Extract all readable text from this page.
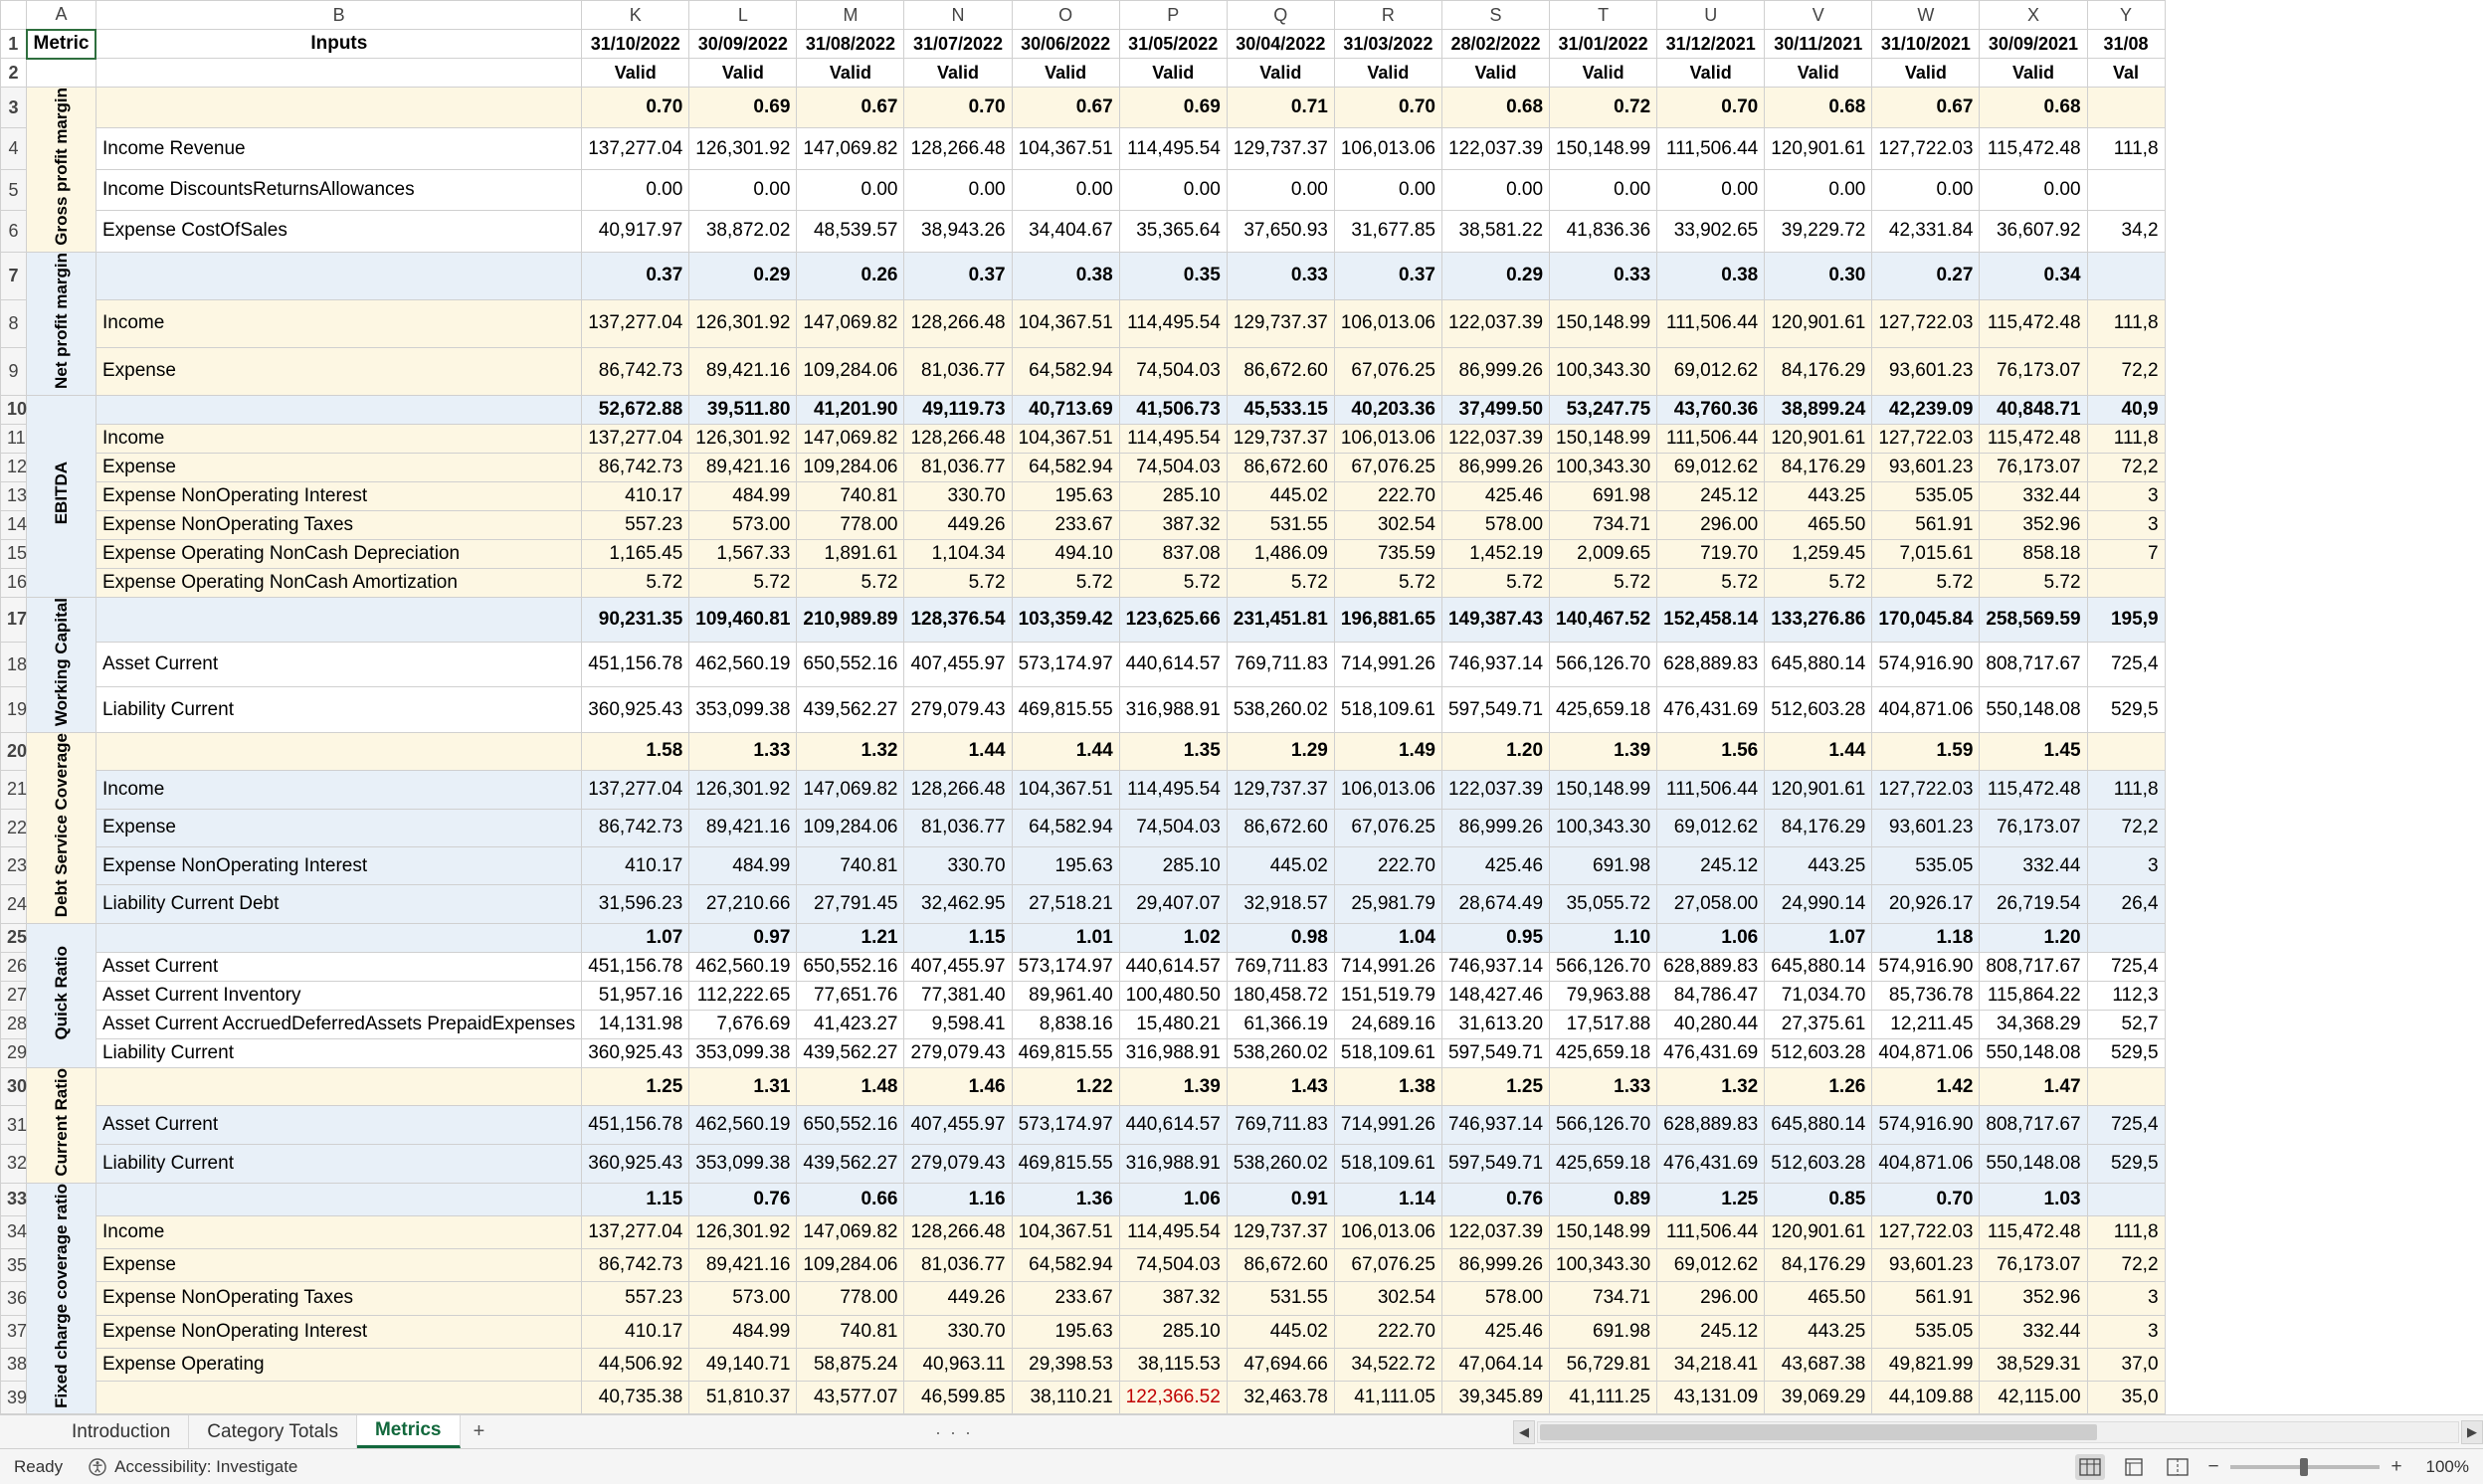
	A	B	K	L	M	N	O	P	Q	R	S	T	U	V	W	X	Y
1	Metric	Inputs	31/10/2022	30/09/2022	31/08/2022	31/07/2022	30/06/2022	31/05/2022	30/04/2022	31/03/2022	28/02/2022	31/01/2022	31/12/2021	30/11/2021	31/10/2021	30/09/2021	31/08
2			Valid	Valid	Valid	Valid	Valid	Valid	Valid	Valid	Valid	Valid	Valid	Valid	Valid	Valid	Val
3	Gross profit margin		0.70	0.69	0.67	0.70	0.67	0.69	0.71	0.70	0.68	0.72	0.70	0.68	0.67	0.68	
4		Income Revenue	137,277.04	126,301.92	147,069.82	128,266.48	104,367.51	114,495.54	129,737.37	106,013.06	122,037.39	150,148.99	111,506.44	120,901.61	127,722.03	115,472.48	111,8
5		Income DiscountsReturnsAllowances	0.00	0.00	0.00	0.00	0.00	0.00	0.00	0.00	0.00	0.00	0.00	0.00	0.00	0.00	
6		Expense CostOfSales	40,917.97	38,872.02	48,539.57	38,943.26	34,404.67	35,365.64	37,650.93	31,677.85	38,581.22	41,836.36	33,902.65	39,229.72	42,331.84	36,607.92	34,2
7	Net profit margin		0.37	0.29	0.26	0.37	0.38	0.35	0.33	0.37	0.29	0.33	0.38	0.30	0.27	0.34	
8		Income	137,277.04	126,301.92	147,069.82	128,266.48	104,367.51	114,495.54	129,737.37	106,013.06	122,037.39	150,148.99	111,506.44	120,901.61	127,722.03	115,472.48	111,8
9		Expense	86,742.73	89,421.16	109,284.06	81,036.77	64,582.94	74,504.03	86,672.60	67,076.25	86,999.26	100,343.30	69,012.62	84,176.29	93,601.23	76,173.07	72,2
10	EBITDA		52,672.88	39,511.80	41,201.90	49,119.73	40,713.69	41,506.73	45,533.15	40,203.36	37,499.50	53,247.75	43,760.36	38,899.24	42,239.09	40,848.71	40,9
11		Income	137,277.04	126,301.92	147,069.82	128,266.48	104,367.51	114,495.54	129,737.37	106,013.06	122,037.39	150,148.99	111,506.44	120,901.61	127,722.03	115,472.48	111,8
12		Expense	86,742.73	89,421.16	109,284.06	81,036.77	64,582.94	74,504.03	86,672.60	67,076.25	86,999.26	100,343.30	69,012.62	84,176.29	93,601.23	76,173.07	72,2
13		Expense NonOperating Interest	410.17	484.99	740.81	330.70	195.63	285.10	445.02	222.70	425.46	691.98	245.12	443.25	535.05	332.44	3
14		Expense NonOperating Taxes	557.23	573.00	778.00	449.26	233.67	387.32	531.55	302.54	578.00	734.71	296.00	465.50	561.91	352.96	3
15		Expense Operating NonCash Depreciation	1,165.45	1,567.33	1,891.61	1,104.34	494.10	837.08	1,486.09	735.59	1,452.19	2,009.65	719.70	1,259.45	7,015.61	858.18	7
16		Expense Operating NonCash Amortization	5.72	5.72	5.72	5.72	5.72	5.72	5.72	5.72	5.72	5.72	5.72	5.72	5.72	5.72	
17	Working Capital		90,231.35	109,460.81	210,989.89	128,376.54	103,359.42	123,625.66	231,451.81	196,881.65	149,387.43	140,467.52	152,458.14	133,276.86	170,045.84	258,569.59	195,9
18		Asset Current	451,156.78	462,560.19	650,552.16	407,455.97	573,174.97	440,614.57	769,711.83	714,991.26	746,937.14	566,126.70	628,889.83	645,880.14	574,916.90	808,717.67	725,4
19		Liability Current	360,925.43	353,099.38	439,562.27	279,079.43	469,815.55	316,988.91	538,260.02	518,109.61	597,549.71	425,659.18	476,431.69	512,603.28	404,871.06	550,148.08	529,5
20	Debt Service Coverage		1.58	1.33	1.32	1.44	1.44	1.35	1.29	1.49	1.20	1.39	1.56	1.44	1.59	1.45	
21		Income	137,277.04	126,301.92	147,069.82	128,266.48	104,367.51	114,495.54	129,737.37	106,013.06	122,037.39	150,148.99	111,506.44	120,901.61	127,722.03	115,472.48	111,8
22		Expense	86,742.73	89,421.16	109,284.06	81,036.77	64,582.94	74,504.03	86,672.60	67,076.25	86,999.26	100,343.30	69,012.62	84,176.29	93,601.23	76,173.07	72,2
23		Expense NonOperating Interest	410.17	484.99	740.81	330.70	195.63	285.10	445.02	222.70	425.46	691.98	245.12	443.25	535.05	332.44	3
24		Liability Current Debt	31,596.23	27,210.66	27,791.45	32,462.95	27,518.21	29,407.07	32,918.57	25,981.79	28,674.49	35,055.72	27,058.00	24,990.14	20,926.17	26,719.54	26,4
25	Quick Ratio		1.07	0.97	1.21	1.15	1.01	1.02	0.98	1.04	0.95	1.10	1.06	1.07	1.18	1.20	
26		Asset Current	451,156.78	462,560.19	650,552.16	407,455.97	573,174.97	440,614.57	769,711.83	714,991.26	746,937.14	566,126.70	628,889.83	645,880.14	574,916.90	808,717.67	725,4
27		Asset Current Inventory	51,957.16	112,222.65	77,651.76	77,381.40	89,961.40	100,480.50	180,458.72	151,519.79	148,427.46	79,963.88	84,786.47	71,034.70	85,736.78	115,864.22	112,3
28		Asset Current AccruedDeferredAssets PrepaidExpenses	14,131.98	7,676.69	41,423.27	9,598.41	8,838.16	15,480.21	61,366.19	24,689.16	31,613.20	17,517.88	40,280.44	27,375.61	12,211.45	34,368.29	52,7
29		Liability Current	360,925.43	353,099.38	439,562.27	279,079.43	469,815.55	316,988.91	538,260.02	518,109.61	597,549.71	425,659.18	476,431.69	512,603.28	404,871.06	550,148.08	529,5
30	Current Ratio		1.25	1.31	1.48	1.46	1.22	1.39	1.43	1.38	1.25	1.33	1.32	1.26	1.42	1.47	
31		Asset Current	451,156.78	462,560.19	650,552.16	407,455.97	573,174.97	440,614.57	769,711.83	714,991.26	746,937.14	566,126.70	628,889.83	645,880.14	574,916.90	808,717.67	725,4
32		Liability Current	360,925.43	353,099.38	439,562.27	279,079.43	469,815.55	316,988.91	538,260.02	518,109.61	597,549.71	425,659.18	476,431.69	512,603.28	404,871.06	550,148.08	529,5
33	Fixed charge coverage ratio		1.15	0.76	0.66	1.16	1.36	1.06	0.91	1.14	0.76	0.89	1.25	0.85	0.70	1.03	
34		Income	137,277.04	126,301.92	147,069.82	128,266.48	104,367.51	114,495.54	129,737.37	106,013.06	122,037.39	150,148.99	111,506.44	120,901.61	127,722.03	115,472.48	111,8
35		Expense	86,742.73	89,421.16	109,284.06	81,036.77	64,582.94	74,504.03	86,672.60	67,076.25	86,999.26	100,343.30	69,012.62	84,176.29	93,601.23	76,173.07	72,2
36		Expense NonOperating Taxes	557.23	573.00	778.00	449.26	233.67	387.32	531.55	302.54	578.00	734.71	296.00	465.50	561.91	352.96	3
37		Expense NonOperating Interest	410.17	484.99	740.81	330.70	195.63	285.10	445.02	222.70	425.46	691.98	245.12	443.25	535.05	332.44	3
38		Expense Operating	44,506.92	49,140.71	58,875.24	40,963.11	29,398.53	38,115.53	47,694.66	34,522.72	47,064.14	56,729.81	34,218.41	43,687.38	49,821.99	38,529.31	37,0
39			40,735.38	51,810.37	43,577.07	46,599.85	38,110.21	122,366.52	32,463.78	41,111.05	39,345.89	41,111.25	43,131.09	39,069.29	44,109.88	42,115.00	35,0
Introduction	Category Totals	Metrics	+	· · ·	◀	▶
Ready	Accessibility: Investigate	−	+	100%
